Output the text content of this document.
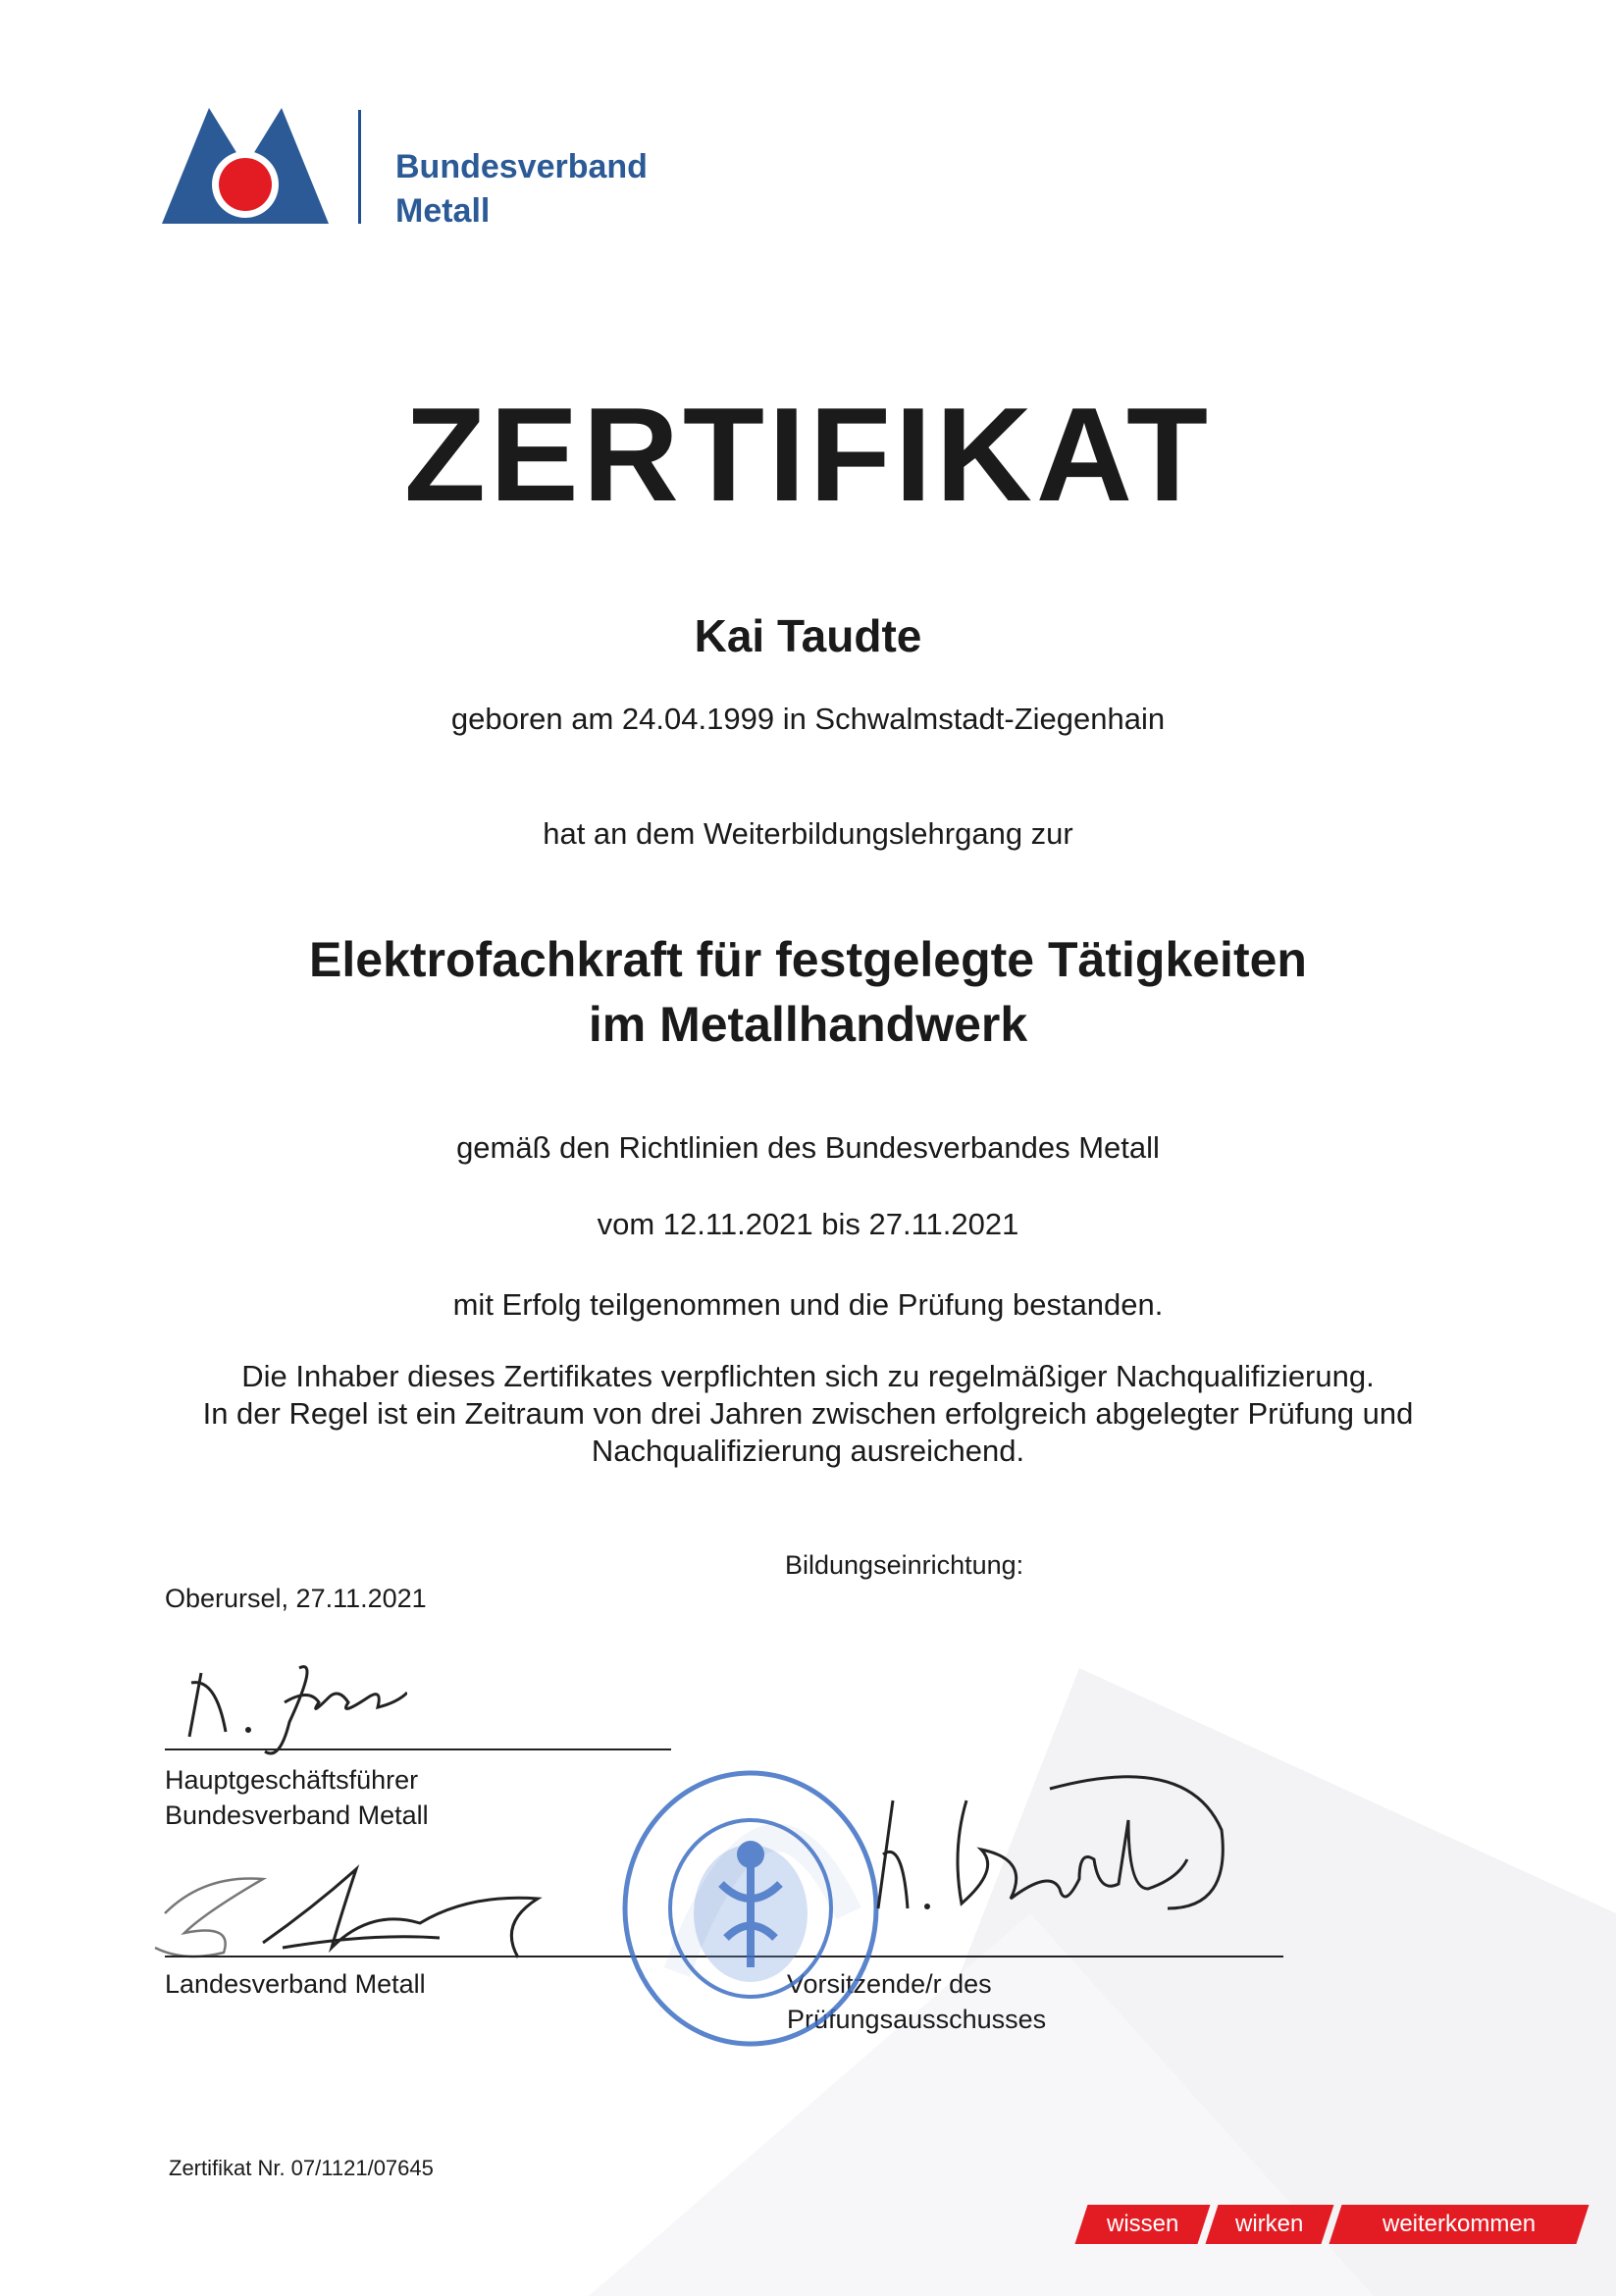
Bundesverband
Metall
ZERTIFIKAT
Kai Taudte
geboren am 24.04.1999 in Schwalmstadt-Ziegenhain
hat an dem Weiterbildungslehrgang zur
Elektrofachkraft für festgelegte Tätigkeiten
im Metallhandwerk
gemäß den Richtlinien des Bundesverbandes Metall
vom 12.11.2021 bis 27.11.2021
mit Erfolg teilgenommen und die Prüfung bestanden.
Die Inhaber dieses Zertifikates verpflichten sich zu regelmäßiger Nachqualifizierung.
In der Regel ist ein Zeitraum von drei Jahren zwischen erfolgreich abgelegter Prüfung und
Nachqualifizierung ausreichend.
Bildungseinrichtung:
Oberursel, 27.11.2021
Hauptgeschäftsführer
Bundesverband Metall
Landesverband Metall	Vorsitzende/r des
Prüfungsausschusses
Zertifikat Nr. 07/1121/07645
wissen	wirken	weiterkommen
